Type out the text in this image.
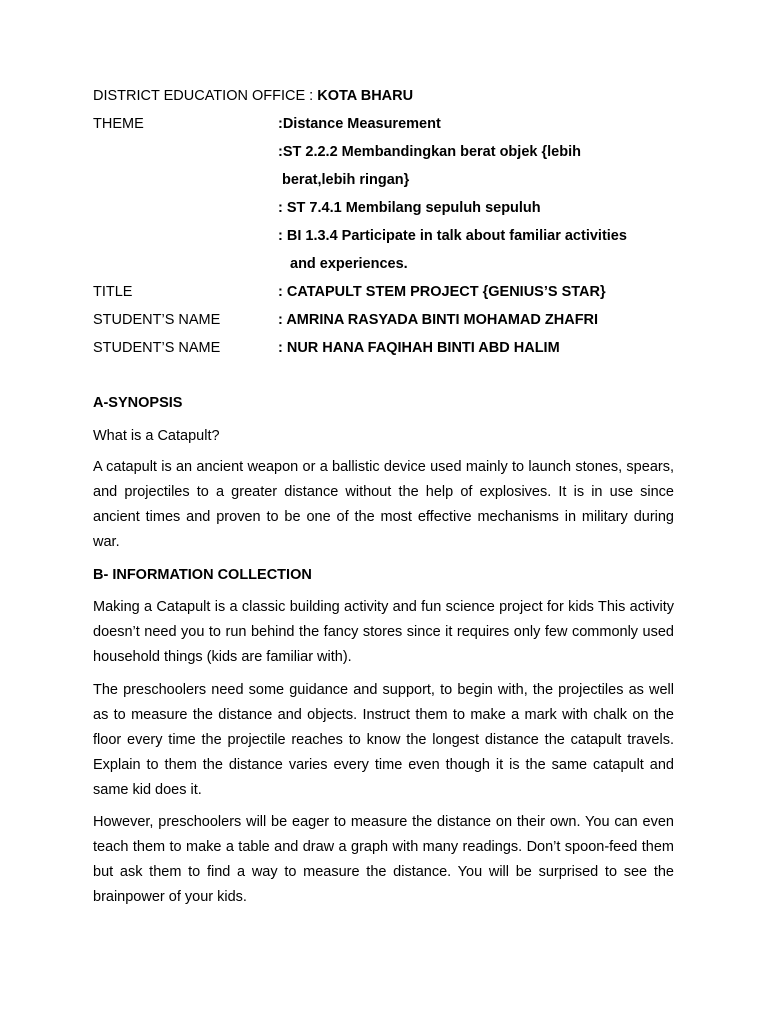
DISTRICT EDUCATION OFFICE : KOTA BHARU
THEME	:Distance Measurement
:ST 2.2.2 Membandingkan berat objek {lebih
berat,lebih ringan}
: ST 7.4.1 Membilang sepuluh sepuluh
: BI 1.3.4 Participate in talk about familiar activities
and experiences.
TITLE	: CATAPULT STEM PROJECT {GENIUS’S STAR}
STUDENT’S NAME	: AMRINA RASYADA BINTI MOHAMAD ZHAFRI
STUDENT’S NAME	: NUR HANA FAQIHAH BINTI ABD HALIM
A-SYNOPSIS
What is a Catapult?

A catapult is an ancient weapon or a ballistic device used mainly to launch stones, spears, and projectiles to a greater distance without the help of explosives. It is in use since ancient times and proven to be one of the most effective mechanisms in military during war.

B- INFORMATION COLLECTION

Making a Catapult is a classic building activity and fun science project for kids This activity doesn’t need you to run behind the fancy stores since it requires only few commonly used household things (kids are familiar with).

The preschoolers need some guidance and support, to begin with, the projectiles as well as to measure the distance and objects. Instruct them to make a mark with chalk on the floor every time the projectile reaches to know the longest distance the catapult travels. Explain to them the distance varies every time even though it is the same catapult and same kid does it.

However, preschoolers will be eager to measure the distance on their own. You can even teach them to make a table and draw a graph with many readings. Don’t spoon-feed them but ask them to find a way to measure the distance. You will be surprised to see the brainpower of your kids.
